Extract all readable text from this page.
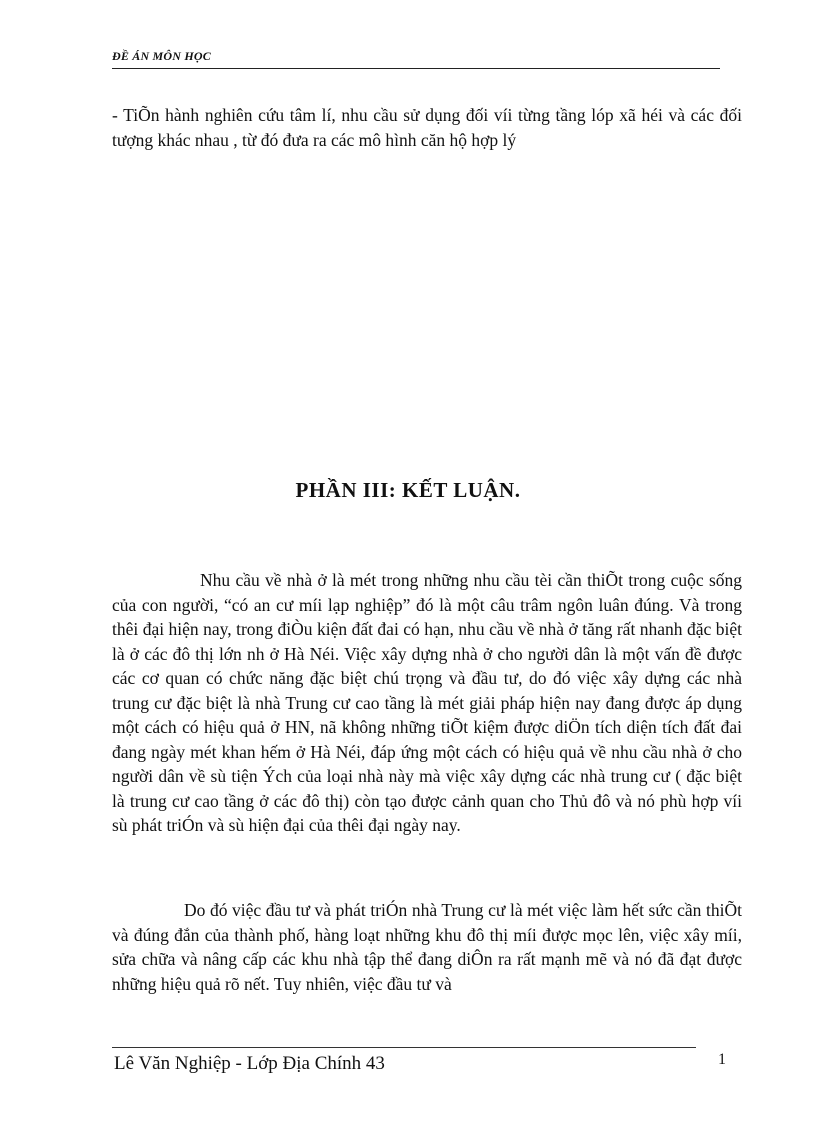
ĐỀ ÁN MÔN HỌC

- TiÕn hành nghiên cứu tâm lí, nhu cầu sử dụng đối víi từng tầng lóp xã héi và các đối tượng khác nhau , từ đó đưa ra các mô hình căn hộ hợp lý

PHẦN III: KẾT LUẬN.

Nhu cầu về nhà ở là mét trong những nhu cầu tèi cần thiÕt trong cuộc sống của con người, “có an cư míi lạp nghiệp” đó là một câu trâm ngôn luân đúng. Và trong thêi đại hiện nay, trong điÒu kiện đất đai có hạn, nhu cầu về nhà ở tăng rất nhanh đặc biệt là ở các đô thị lớn nh ở Hà Néi. Việc xây dựng nhà ở cho người dân là một vấn đề được các cơ quan có chức năng đặc biệt chú trọng và đầu tư, do đó việc xây dựng các nhà trung cư đặc biệt là nhà Trung cư cao tầng là mét giải pháp hiện nay đang được áp dụng một cách có hiệu quả ở HN, nã không những tiÕt kiệm được diÖn tích diện tích đất đai đang ngày mét khan hếm ở Hà Néi, đáp ứng một cách có hiệu quả về nhu cầu nhà ở cho người dân về sù tiện Ých của loại nhà này mà việc xây dựng các nhà trung cư ( đặc biệt là trung cư cao tầng ở các đô thị) còn tạo được cảnh quan cho Thủ đô và nó phù hợp víi sù phát triÓn và sù hiện đại của thêi đại ngày nay.

Do đó việc đầu tư và phát triÓn nhà Trung cư là mét việc làm hết sức cần thiÕt và đúng đắn của thành phố, hàng loạt những khu đô thị míi được mọc lên, việc xây míi, sửa chữa và nâng cấp các khu nhà tập thể đang diÔn ra rất mạnh mẽ và nó đã đạt được những hiệu quả rõ nết. Tuy nhiên, việc đầu tư và

Lê Văn Nghiệp - Lớp Địa Chính 43	1
